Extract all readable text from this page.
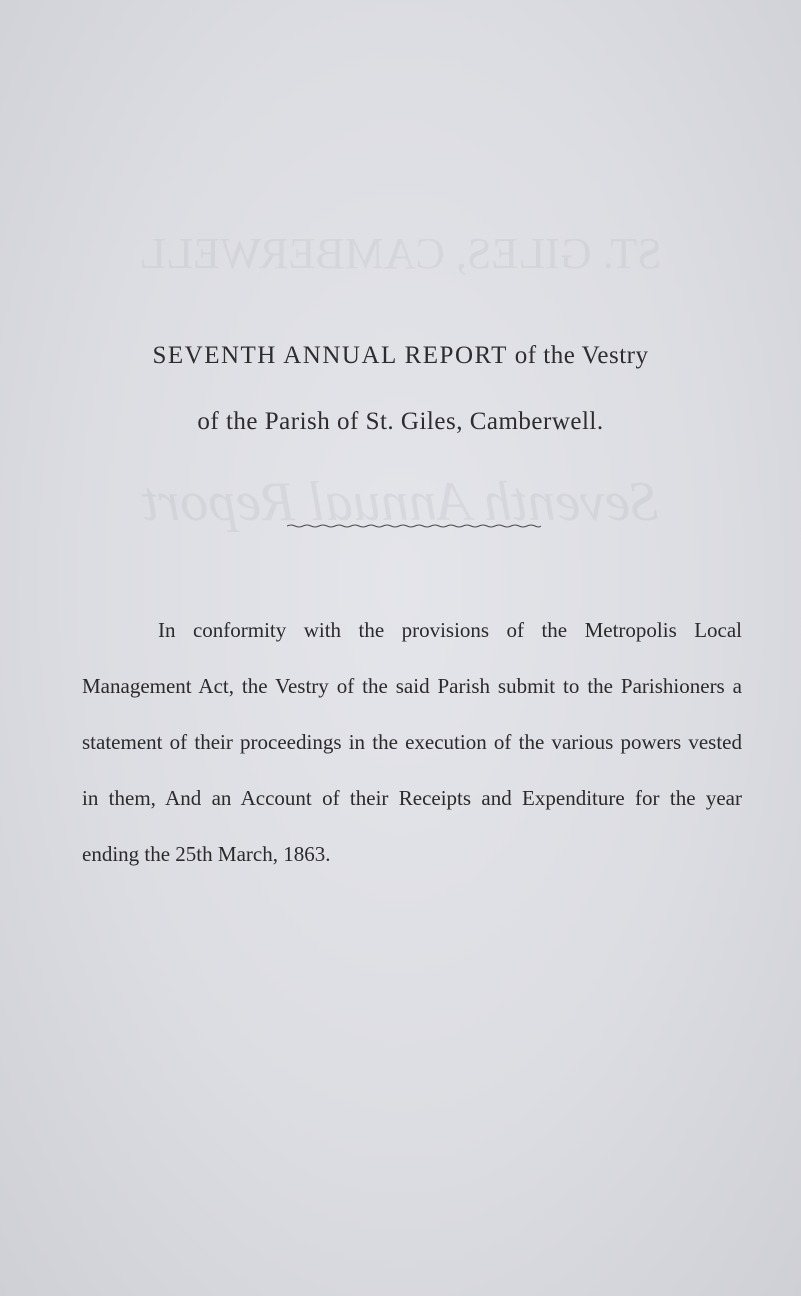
ST. GILES, CAMBERWELL
Seventh Annual Report
SEVENTH ANNUAL REPORT of the Vestry
of the Parish of St. Giles, Camberwell.

In conformity with the provisions of the Metropolis Local Management Act, the Vestry of the said Parish submit to the Parishioners a statement of their proceedings in the execution of the various powers vested in them, And an Account of their Receipts and Expenditure for the year ending the 25th March, 1863.
